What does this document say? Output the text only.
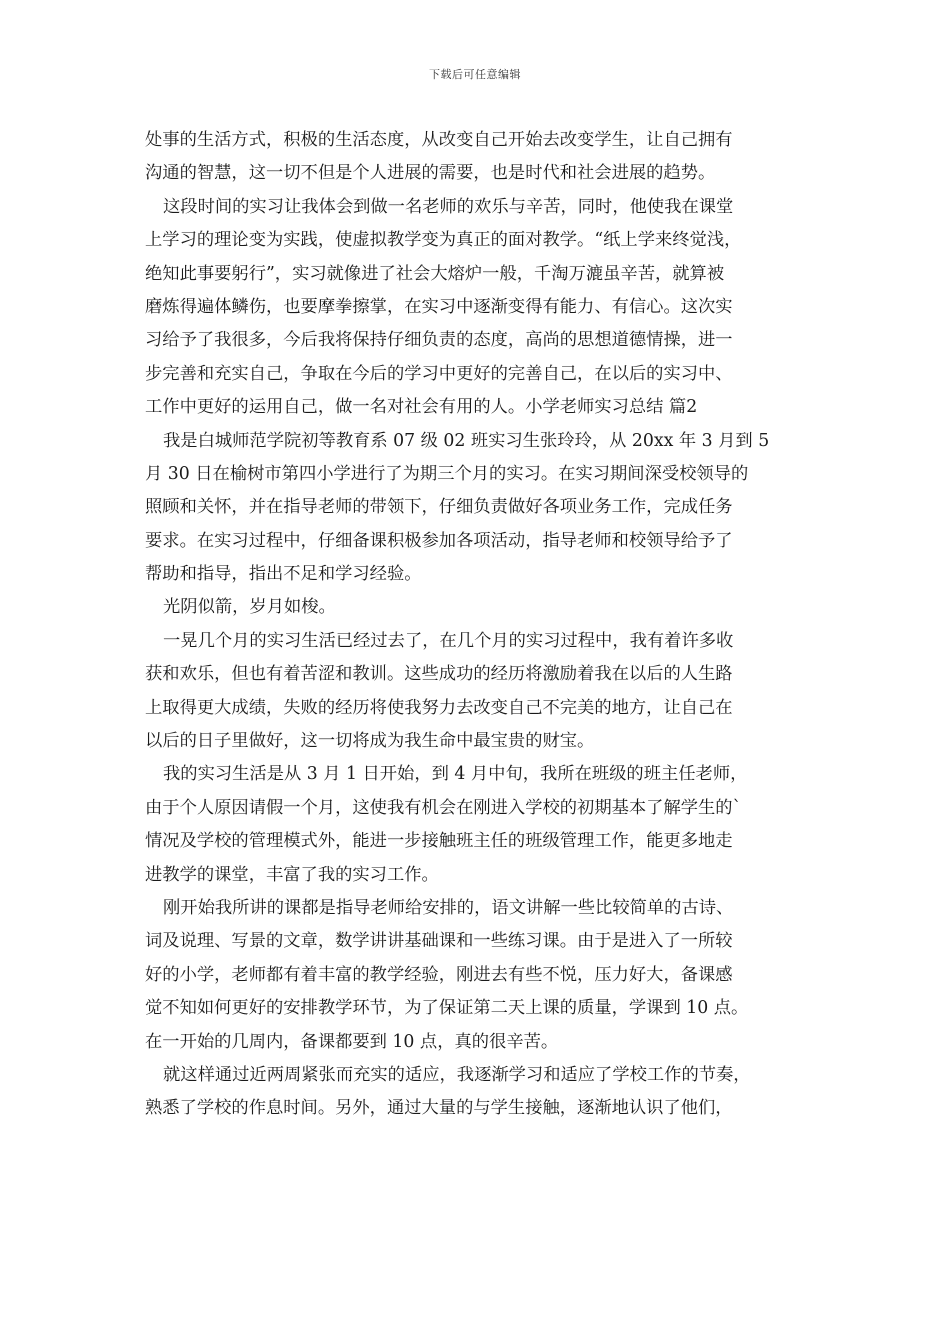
下载后可任意编辑
处事的生活方式，积极的生活态度，从改变自己开始去改变学生，让自己拥有
沟通的智慧，这一切不但是个人进展的需要，也是时代和社会进展的趋势。
这段时间的实习让我体会到做一名老师的欢乐与辛苦，同时，他使我在课堂
上学习的理论变为实践，使虚拟教学变为真正的面对教学。“纸上学来终觉浅，
绝知此事要躬行”，实习就像进了社会大熔炉一般，千淘万漉虽辛苦，就算被
磨炼得遍体鳞伤，也要摩拳擦掌，在实习中逐渐变得有能力、有信心。这次实
习给予了我很多，今后我将保持仔细负责的态度，高尚的思想道德情操，进一
步完善和充实自己，争取在今后的学习中更好的完善自己，在以后的实习中、
工作中更好的运用自己，做一名对社会有用的人。小学老师实习总结 篇2
我是白城师范学院初等教育系 07 级 02 班实习生张玲玲，从 20xx 年 3 月到 5
月 30 日在榆树市第四小学进行了为期三个月的实习。在实习期间深受校领导的
照顾和关怀，并在指导老师的带领下，仔细负责做好各项业务工作，完成任务
要求。在实习过程中，仔细备课积极参加各项活动，指导老师和校领导给予了
帮助和指导，指出不足和学习经验。
光阴似箭，岁月如梭。
一晃几个月的实习生活已经过去了，在几个月的实习过程中，我有着许多收
获和欢乐，但也有着苦涩和教训。这些成功的经历将激励着我在以后的人生路
上取得更大成绩，失败的经历将使我努力去改变自己不完美的地方，让自己在
以后的日子里做好，这一切将成为我生命中最宝贵的财宝。
我的实习生活是从 3 月 1 日开始，到 4 月中旬，我所在班级的班主任老师，
由于个人原因请假一个月，这使我有机会在刚进入学校的初期基本了解学生的`
情况及学校的管理模式外，能进一步接触班主任的班级管理工作，能更多地走
进教学的课堂，丰富了我的实习工作。
刚开始我所讲的课都是指导老师给安排的，语文讲解一些比较简单的古诗、
词及说理、写景的文章，数学讲讲基础课和一些练习课。由于是进入了一所较
好的小学，老师都有着丰富的教学经验，刚进去有些不悦，压力好大，备课感
觉不知如何更好的安排教学环节，为了保证第二天上课的质量，学课到 10 点。
在一开始的几周内，备课都要到 10 点，真的很辛苦。
就这样通过近两周紧张而充实的适应，我逐渐学习和适应了学校工作的节奏，
熟悉了学校的作息时间。另外，通过大量的与学生接触，逐渐地认识了他们，
